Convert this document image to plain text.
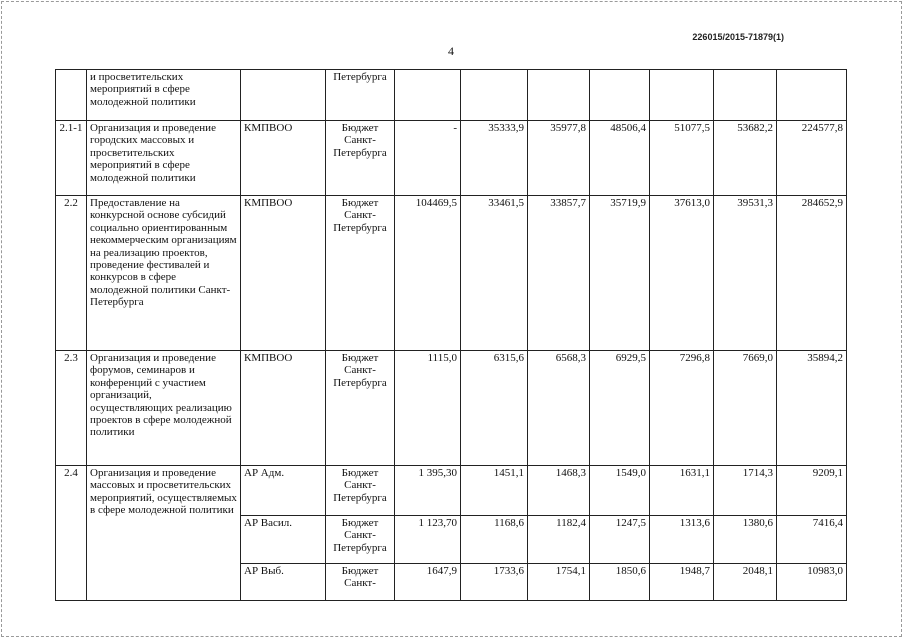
226015/2015-71879(1)
4
	и просветительских мероприятий в сфере молодежной политики		Петербурга							
2.1-1	Организация и проведение городских массовых и просветительских мероприятий в сфере молодежной политики	КМПВОО	Бюджет Санкт-Петербурга	-	35333,9	35977,8	48506,4	51077,5	53682,2	224577,8
2.2	Предоставление на конкурсной основе субсидий социально ориентированным некоммерческим организациям на реализацию проектов, проведение фестивалей и конкурсов в сфере молодежной политики Санкт-Петербурга	КМПВОО	Бюджет Санкт-Петербурга	104469,5	33461,5	33857,7	35719,9	37613,0	39531,3	284652,9
2.3	Организация и проведение форумов, семинаров и конференций с участием организаций, осуществляющих реализацию проектов в сфере молодежной политики	КМПВОО	Бюджет Санкт-Петербурга	1115,0	6315,6	6568,3	6929,5	7296,8	7669,0	35894,2
2.4	Организация и проведение массовых и просветительских мероприятий, осуществляемых в сфере молодежной политики	АР Адм.	Бюджет Санкт-Петербурга	1 395,30	1451,1	1468,3	1549,0	1631,1	1714,3	9209,1
		АР Васил.	Бюджет Санкт-Петербурга	1 123,70	1168,6	1182,4	1247,5	1313,6	1380,6	7416,4
		АР Выб.	Бюджет Санкт-	1647,9	1733,6	1754,1	1850,6	1948,7	2048,1	10983,0
